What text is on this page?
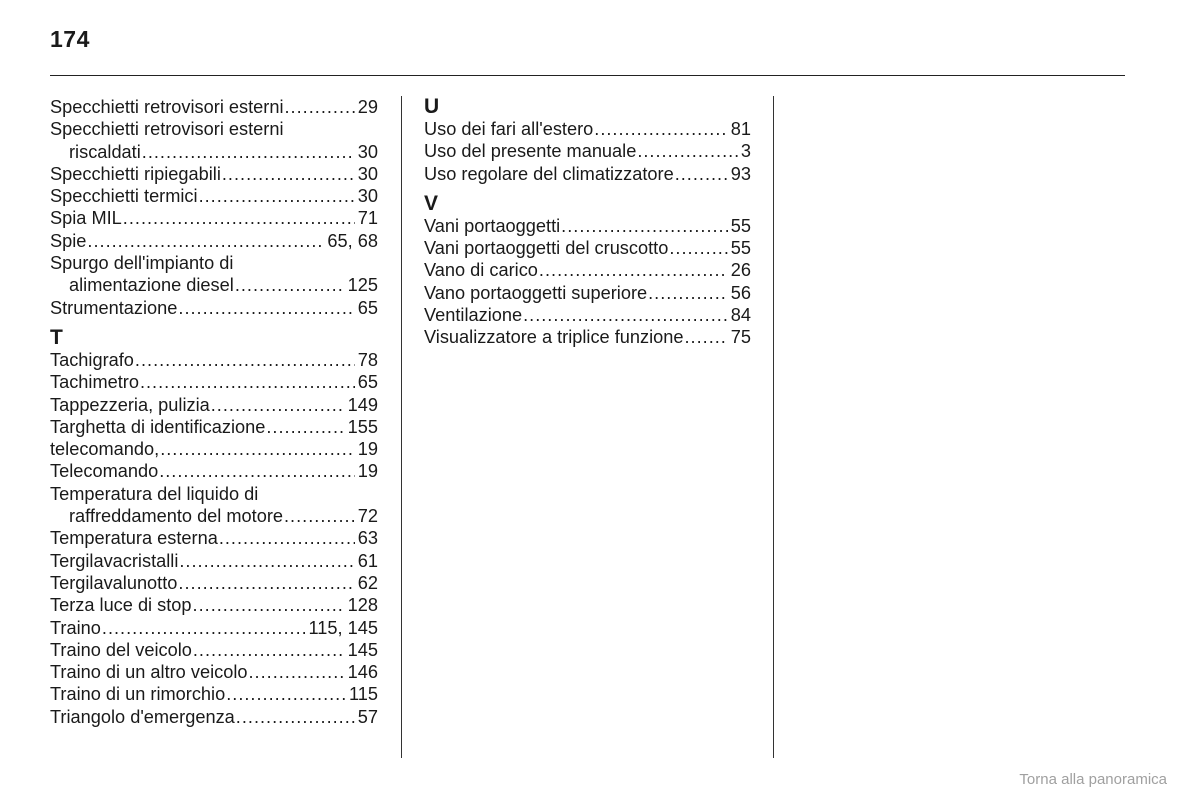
174
Specchietti retrovisori esterni .....	29
Specchietti retrovisori esterni
riscaldati .....	30
Specchietti ripiegabili .....	30
Specchietti termici .....	30
Spia MIL .....	71
Spie .....	65, 68
Spurgo dell'impianto di
alimentazione diesel .....	125
Strumentazione .....	65
T
Tachigrafo .....	78
Tachimetro .....	65
Tappezzeria, pulizia .....	149
Targhetta di identificazione .....	155
telecomando, .....	19
Telecomando .....	19
Temperatura del liquido di
raffreddamento del motore .....	72
Temperatura esterna .....	63
Tergilavacristalli .....	61
Tergilavalunotto .....	62
Terza luce di stop .....	128
Traino .....	115, 145
Traino del veicolo .....	145
Traino di un altro veicolo .....	146
Traino di un rimorchio .....	115
Triangolo d'emergenza .....	57
U
Uso dei fari all'estero .....	81
Uso del presente manuale .....	3
Uso regolare del climatizzatore .....	93
V
Vani portaoggetti .....	55
Vani portaoggetti del cruscotto .....	55
Vano di carico .....	26
Vano portaoggetti superiore .....	56
Ventilazione .....	84
Visualizzatore a triplice funzione .....	75
Torna alla panoramica
